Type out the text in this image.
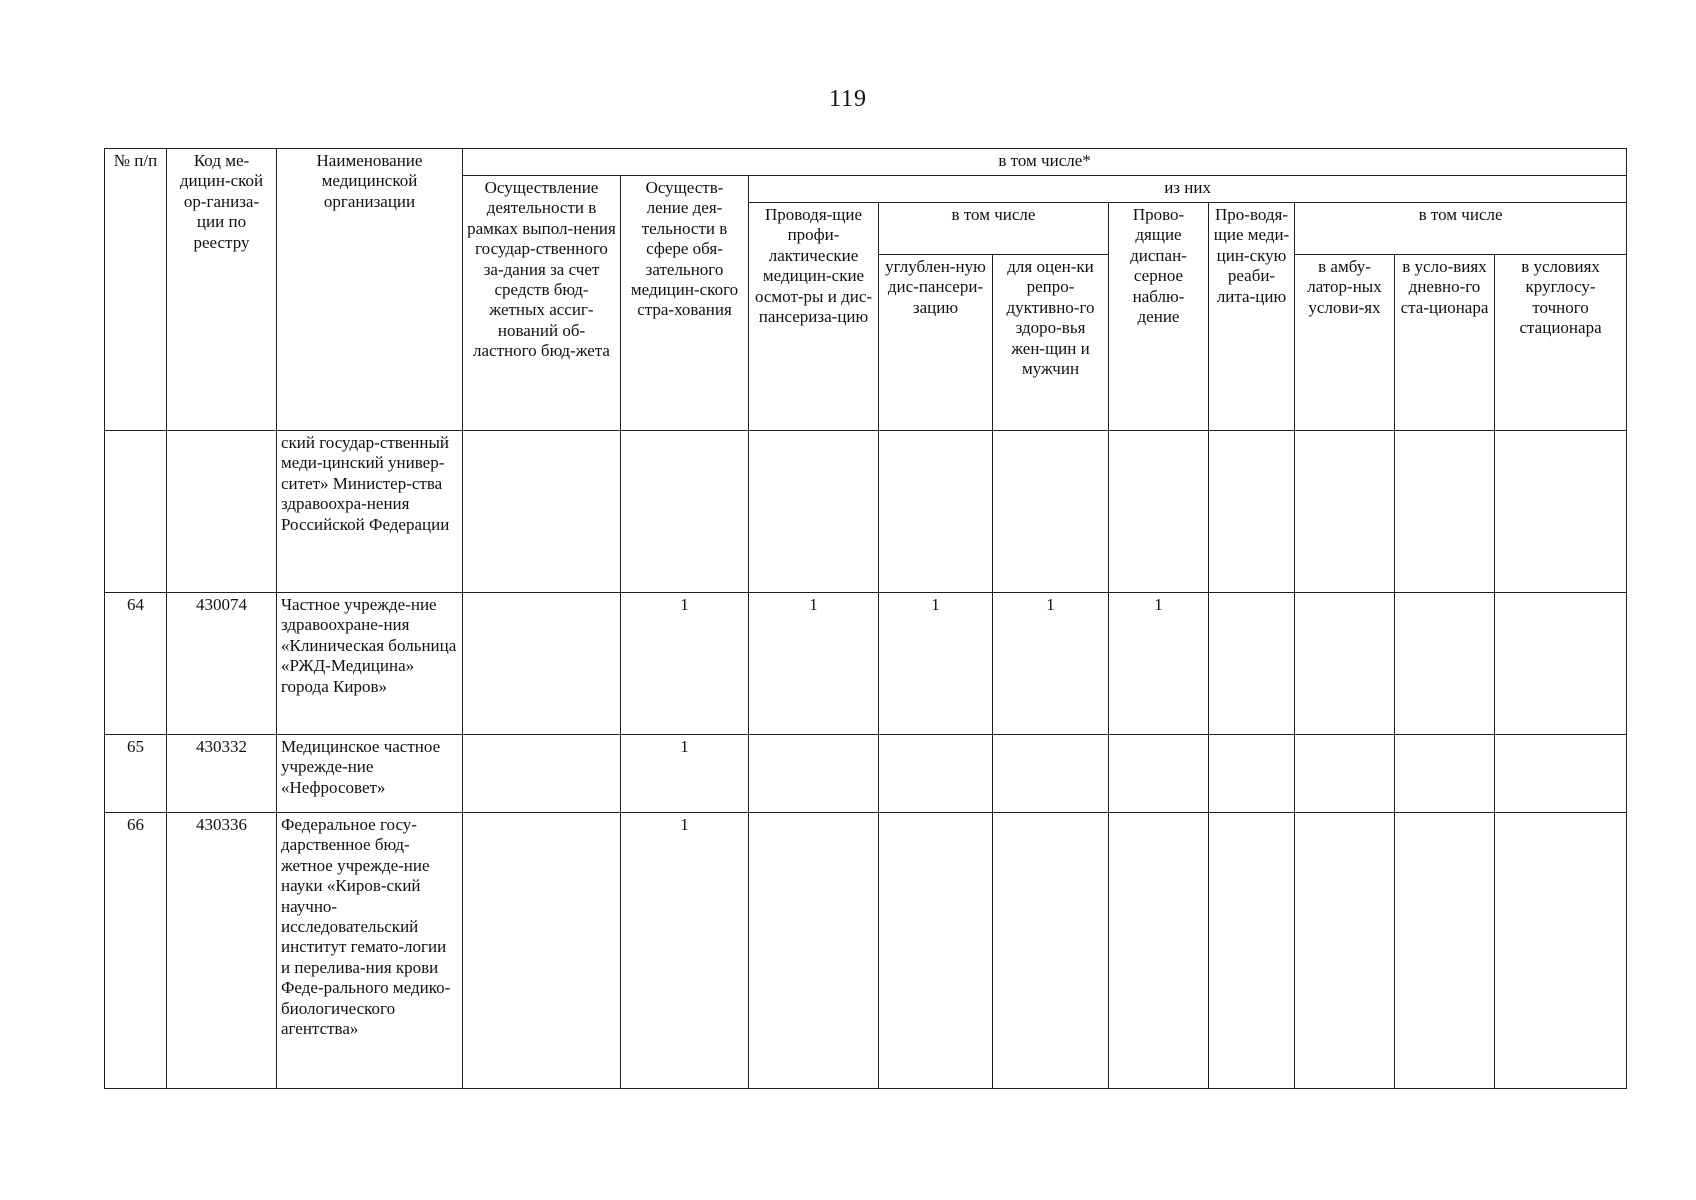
119
№ п/п	Код ме-дицин-ской ор-ганиза-ции по реестру	Наименование медицинской организации	в том числе*									
			Осуществление деятельности в рамках выпол-нения государ-ственного за-дания за счет средств бюд-жетных ассиг-нований об-ластного бюд-жета	Осуществ-ление дея-тельности в сфере обя-зательного медицин-ского стра-хования	из них							
					Проводя-щие профи-лактические медицин-ские осмот-ры и дис-пансериза-цию	в том числе		Прово-дящие диспан-серное наблю-дение	Про-водя-щие меди-цин-скую реаби-лита-цию	в том числе		
						углублен-ную дис-пансери-зацию	для оцен-ки репро-дуктивно-го здоро-вья жен-щин и мужчин			в амбу-латор-ных услови-ях	в усло-виях дневно-го ста-ционара	в условиях круглосу-точного стационара
		ский государ-ственный меди-цинский универ-ситет» Министер-ства здравоохра-нения Российской Федерации										
64	430074	Частное учрежде-ние здравоохране-ния «Клиническая больница «РЖД-Медицина» города Киров»		1	1	1	1	1				
65	430332	Медицинское частное учрежде-ние «Нефросовет»		1								
66	430336	Федеральное госу-дарственное бюд-жетное учрежде-ние науки «Киров-ский научно-исследовательский институт гемато-логии и перелива-ния крови Феде-рального медико-биологического агентства»		1								
